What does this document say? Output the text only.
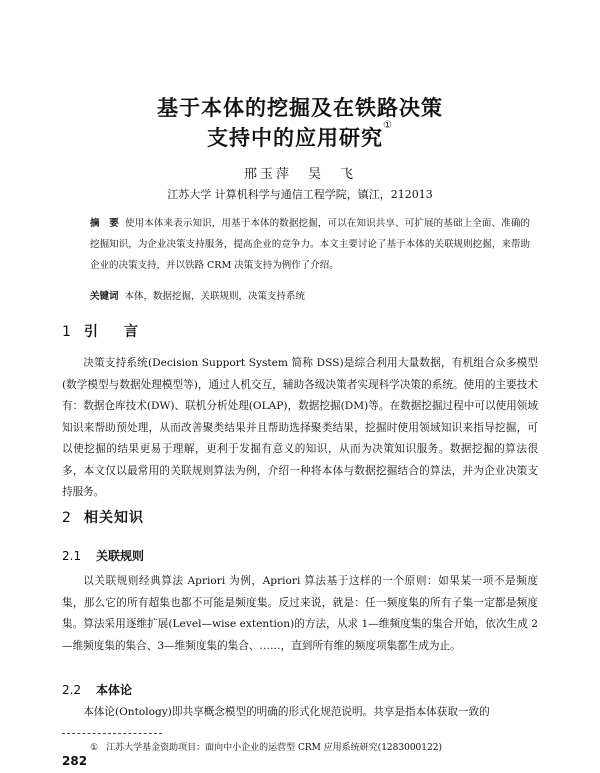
基于本体的挖掘及在铁路决策
支持中的应用研究①
邢玉萍　吴　飞
江苏大学 计算机科学与通信工程学院，镇江，212013
摘　要 使用本体来表示知识，用基于本体的数据挖掘，可以在知识共享、可扩展的基础上全面、准确的挖掘知识，为企业决策支持服务，提高企业的竞争力。本文主要讨论了基于本体的关联规则挖掘，来帮助企业的决策支持，并以铁路 CRM 决策支持为例作了介绍。
关键词 本体，数据挖掘，关联规则，决策支持系统
1 引　言

决策支持系统(Decision Support System 简称 DSS)是综合利用大量数据，有机组合众多模型(数学模型与数据处理模型等)，通过人机交互，辅助各级决策者实现科学决策的系统。使用的主要技术有：数据仓库技术(DW)、联机分析处理(OLAP)，数据挖掘(DM)等。在数据挖掘过程中可以使用领域知识来帮助预处理，从而改善聚类结果并且帮助选择聚类结果，挖掘时使用领域知识来指导挖掘，可以使挖掘的结果更易于理解，更利于发掘有意义的知识，从而为决策知识服务。数据挖掘的算法很多，本文仅以最常用的关联规则算法为例，介绍一种将本体与数据挖掘结合的算法，并为企业决策支持服务。

2 相关知识
2.1 关联规则

以关联规则经典算法 Apriori 为例，Apriori 算法基于这样的一个原则：如果某一项不是频度集，那么它的所有超集也都不可能是频度集。反过来说，就是：任一频度集的所有子集一定都是频度集。算法采用逐维扩展(Level—wise extention)的方法，从求 1—维频度集的集合开始，依次生成 2—维频度集的集合、3—维频度集的集合、……，直到所有维的频度项集都生成为止。

2.2 本体论

本体论(Ontology)即共享概念模型的明确的形式化规范说明。共享是指本体获取一致的

① 江苏大学基金资助项目：面向中小企业的运营型 CRM 应用系统研究(1283000122)
282
